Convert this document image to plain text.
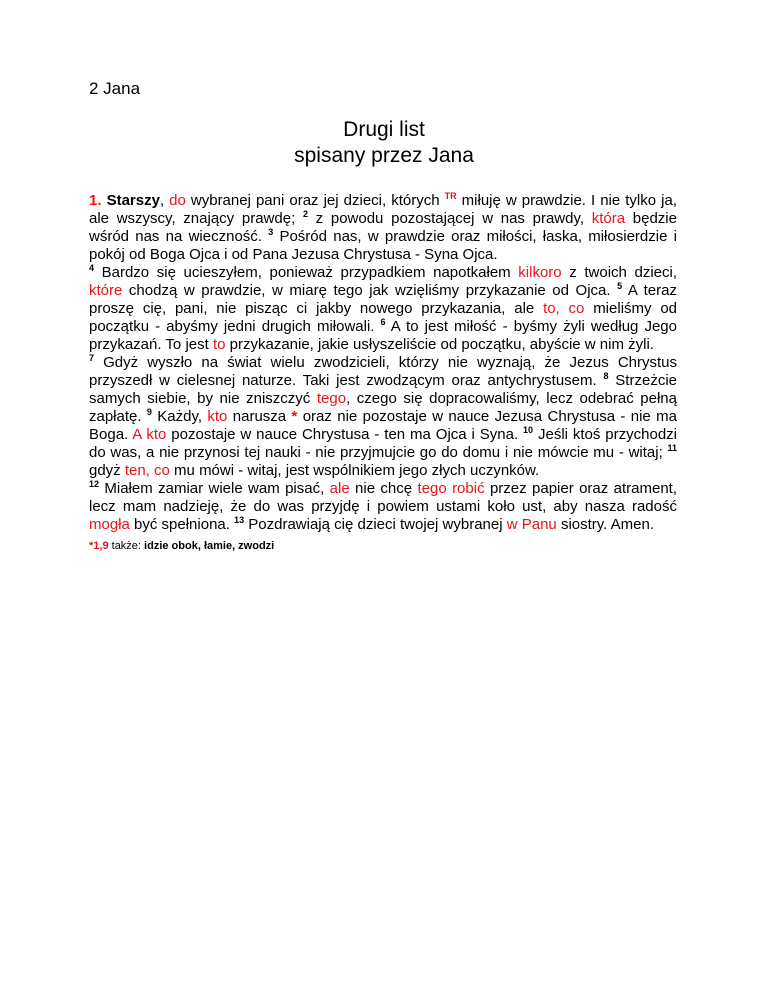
2 Jana
Drugi list
spisany przez Jana

1. Starszy, do wybranej pani oraz jej dzieci, których $^{TR}$ miłuję w prawdzie. I nie tylko ja, ale wszyscy, znający prawdę; $^2$ z powodu pozostającej w nas prawdy, która będzie wśród nas na wieczność. $^3$ Pośród nas, w prawdzie oraz miłości, łaska, miłosierdzie i pokój od Boga Ojca i od Pana Jezusa Chrystusa - Syna Ojca.

$^4$ Bardzo się ucieszyłem, ponieważ przypadkiem napotkałem kilkoro z twoich dzieci, które chodzą w prawdzie, w miarę tego jak wzięliśmy przykazanie od Ojca. $^5$ A teraz proszę cię, pani, nie pisząc ci jakby nowego przykazania, ale to, co mieliśmy od początku - abyśmy jedni drugich miłowali. $^6$ A to jest miłość - byśmy żyli według Jego przykazań. To jest to przykazanie, jakie usłyszeliście od początku, abyście w nim żyli.

$^7$ Gdyż wyszło na świat wielu zwodzicieli, którzy nie wyznają, że Jezus Chrystus przyszedł w cielesnej naturze. Taki jest zwodzącym oraz antychrystusem. $^8$ Strzeżcie samych siebie, by nie zniszczyć tego, czego się dopracowaliśmy, lecz odebrać pełną zapłatę. $^9$ Każdy, kto narusza * oraz nie pozostaje w nauce Jezusa Chrystusa - nie ma Boga. A kto pozostaje w nauce Chrystusa - ten ma Ojca i Syna. $^{10}$ Jeśli ktoś przychodzi do was, a nie przynosi tej nauki - nie przyjmujcie go do domu i nie mówcie mu - witaj; $^{11}$ gdyż ten, co mu mówi - witaj, jest wspólnikiem jego złych uczynków.

$^{12}$ Miałem zamiar wiele wam pisać, ale nie chcę tego robić przez papier oraz atrament, lecz mam nadzieję, że do was przyjdę i powiem ustami koło ust, aby nasza radość mogła być spełniona. $^{13}$ Pozdrawiają cię dzieci twojej wybranej w Panu siostry. Amen.

*1,9 także: idzie obok, łamie, zwodzi
